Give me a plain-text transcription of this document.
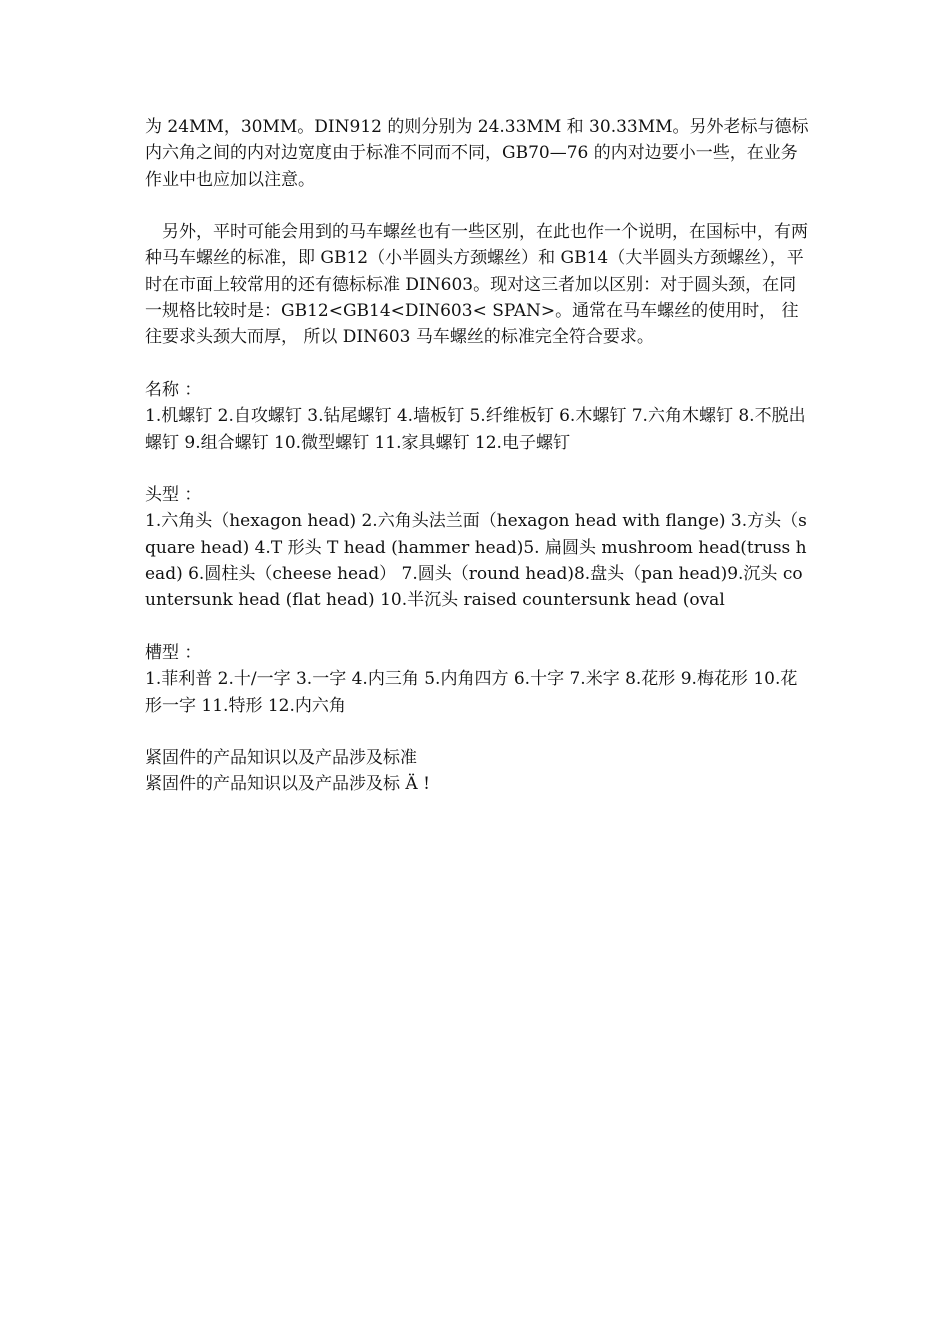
为 24MM，30MM。DIN912 的则分别为 24.33MM 和 30.33MM。另外老标与德标内六角之间的内对边宽度由于标准不同而不同，GB70—76 的内对边要小一些，在业务作业中也应加以注意。

另外，平时可能会用到的马车螺丝也有一些区别，在此也作一个说明，在国标中，有两种马车螺丝的标准，即 GB12（小半圆头方颈螺丝）和 GB14（大半圆头方颈螺丝），平时在市面上较常用的还有德标标准 DIN603。现对这三者加以区别：对于圆头颈，在同一规格比较时是：GB12<GB14<DIN603< SPAN>。通常在马车螺丝的使用时， 往往要求头颈大而厚， 所以 DIN603 马车螺丝的标准完全符合要求。

名称 ：

1.机螺钉 2.自攻螺钉 3.钻尾螺钉 4.墙板钉 5.纤维板钉 6.木螺钉 7.六角木螺钉 8.不脱出螺钉 9.组合螺钉 10.微型螺钉 11.家具螺钉 12.电子螺钉

头型 ：

1.六角头（hexagon head) 2.六角头法兰面（hexagon head with flange) 3.方头（square head) 4.T 形头 T head (hammer head)5. 扁圆头 mushroom head(truss head) 6.圆柱头（cheese head） 7.圆头（round head)8.盘头（pan head)9.沉头 countersunk head (flat head) 10.半沉头 raised countersunk head (oval

槽型 ：

1.菲利普 2.十/一字 3.一字 4.内三角 5.内角四方 6.十字 7.米字 8.花形 9.梅花形 10.花形一字 11.特形 12.内六角

紧固件的产品知识以及产品涉及标准

紧固件的产品知识以及产品涉及标 Ä !
